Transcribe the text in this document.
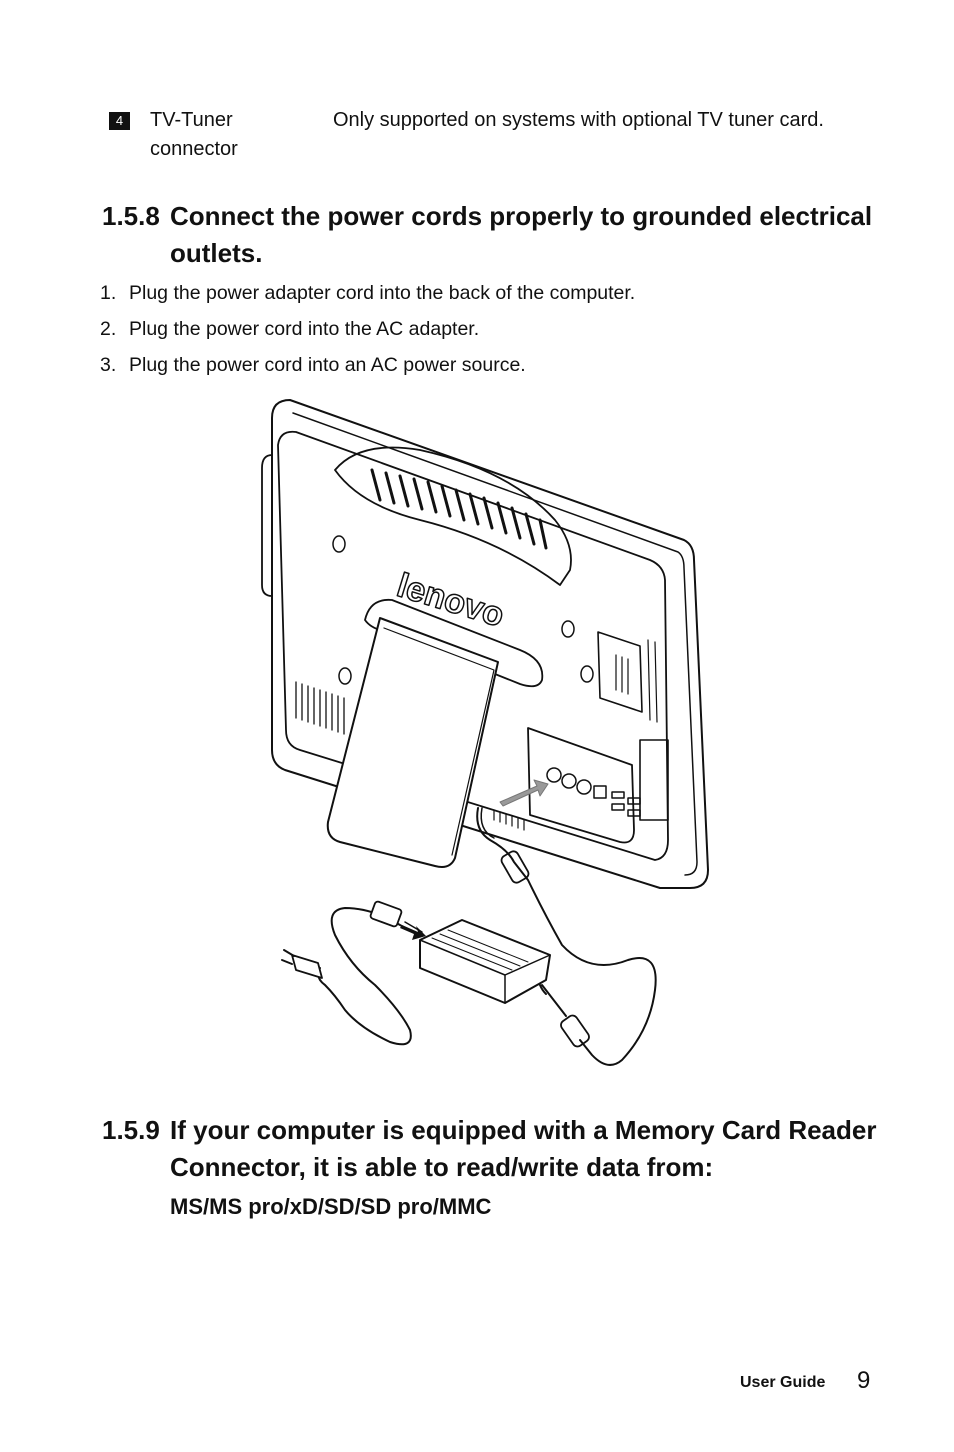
4	TV-Tuner connector
Only supported on systems with optional TV tuner card.
1.5.8 Connect the power cords properly to grounded electrical outlets.
1. Plug the power adapter cord into the back of the computer.
2. Plug the power cord into the AC adapter.
3. Plug the power cord into an AC power source.
lenovo
1.5.9 If your computer is equipped with a Memory Card Reader Connector, it is able to read/write data from:
MS/MS pro/xD/SD/SD pro/MMC
User Guide 9
